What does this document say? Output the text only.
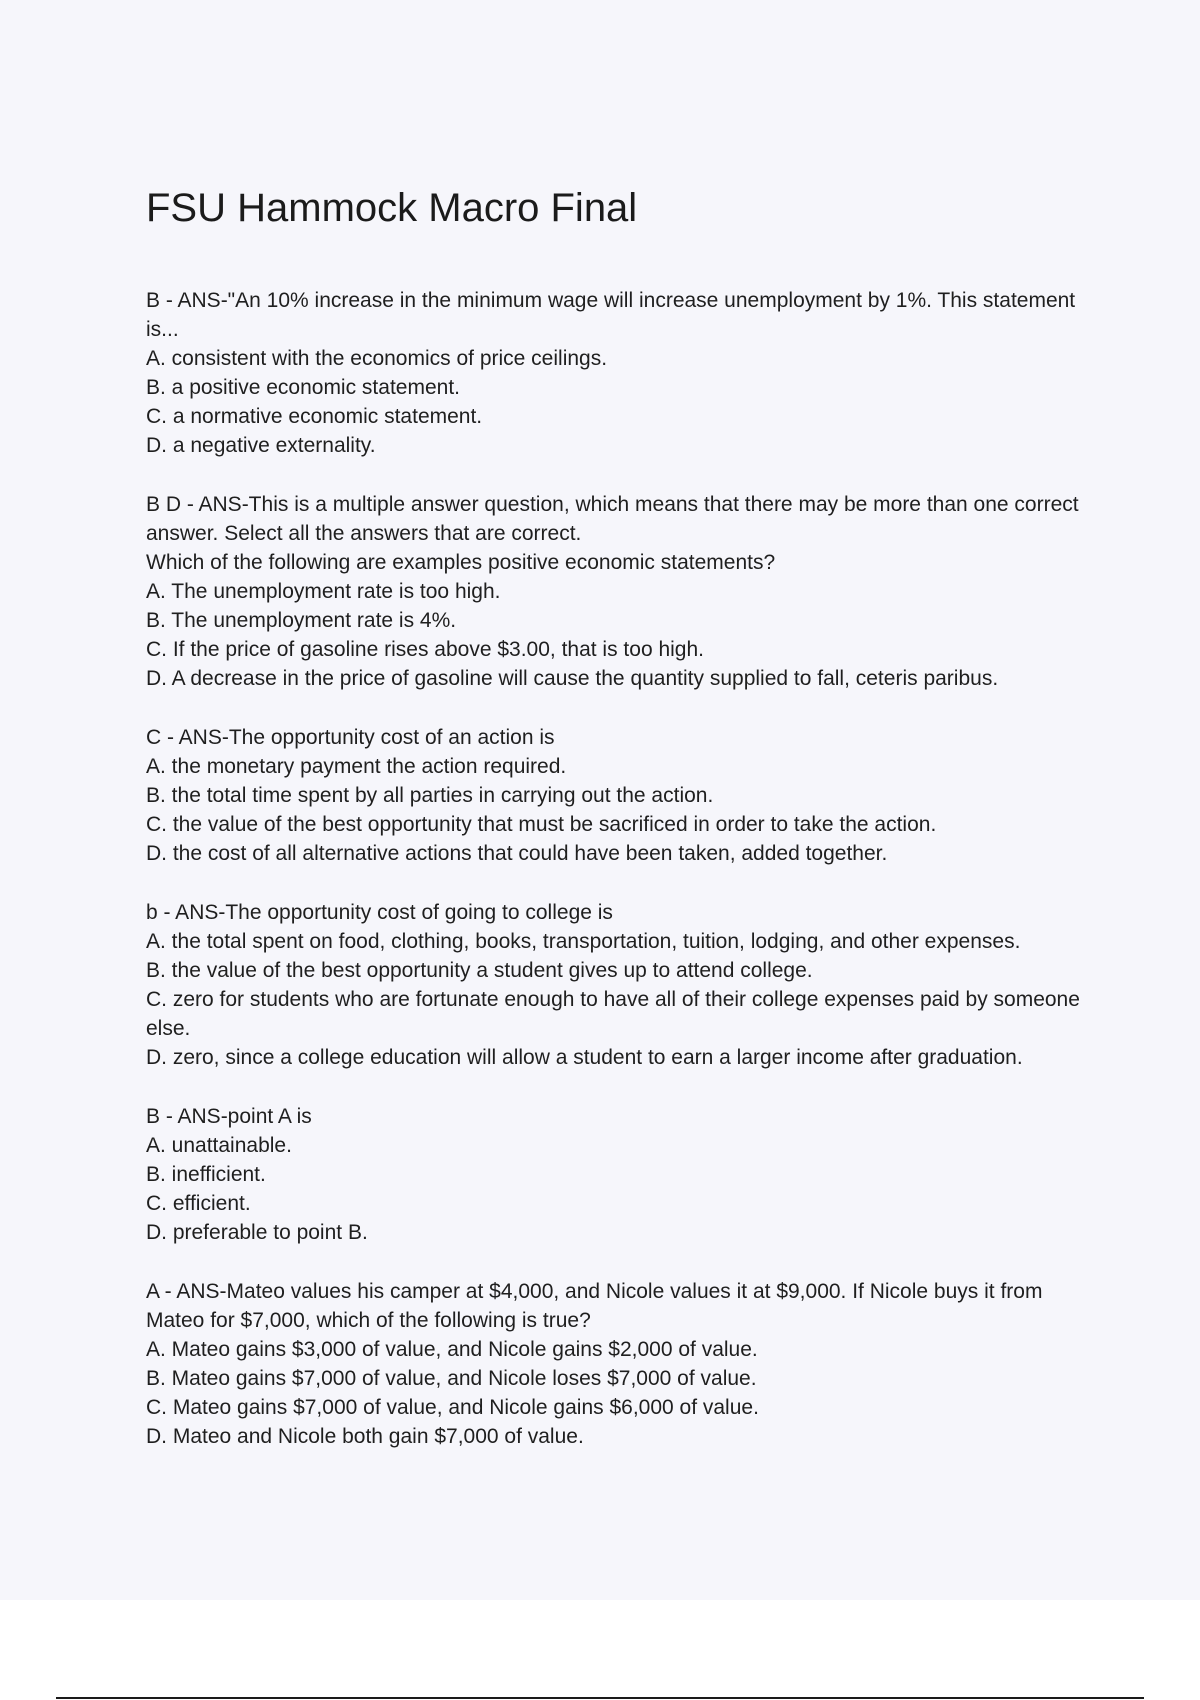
FSU Hammock Macro Final

B - ANS-"An 10% increase in the minimum wage will increase unemployment by 1%. This statement is...

A. consistent with the economics of price ceilings.

B. a positive economic statement.

C. a normative economic statement.

D. a negative externality.

B D - ANS-This is a multiple answer question, which means that there may be more than one correct answer. Select all the answers that are correct.

Which of the following are examples positive economic statements?

A. The unemployment rate is too high.

B. The unemployment rate is 4%.

C. If the price of gasoline rises above $3.00, that is too high.

D. A decrease in the price of gasoline will cause the quantity supplied to fall, ceteris paribus.

C - ANS-The opportunity cost of an action is

A. the monetary payment the action required.

B. the total time spent by all parties in carrying out the action.

C. the value of the best opportunity that must be sacrificed in order to take the action.

D. the cost of all alternative actions that could have been taken, added together.

b - ANS-The opportunity cost of going to college is

A. the total spent on food, clothing, books, transportation, tuition, lodging, and other expenses.

B. the value of the best opportunity a student gives up to attend college.

C. zero for students who are fortunate enough to have all of their college expenses paid by someone else.

D. zero, since a college education will allow a student to earn a larger income after graduation.

B - ANS-point A is

A. unattainable.

B. inefficient.

C. efficient.

D. preferable to point B.

A - ANS-Mateo values his camper at $4,000, and Nicole values it at $9,000. If Nicole buys it from Mateo for $7,000, which of the following is true?

A. Mateo gains $3,000 of value, and Nicole gains $2,000 of value.

B. Mateo gains $7,000 of value, and Nicole loses $7,000 of value.

C. Mateo gains $7,000 of value, and Nicole gains $6,000 of value.

D. Mateo and Nicole both gain $7,000 of value.
